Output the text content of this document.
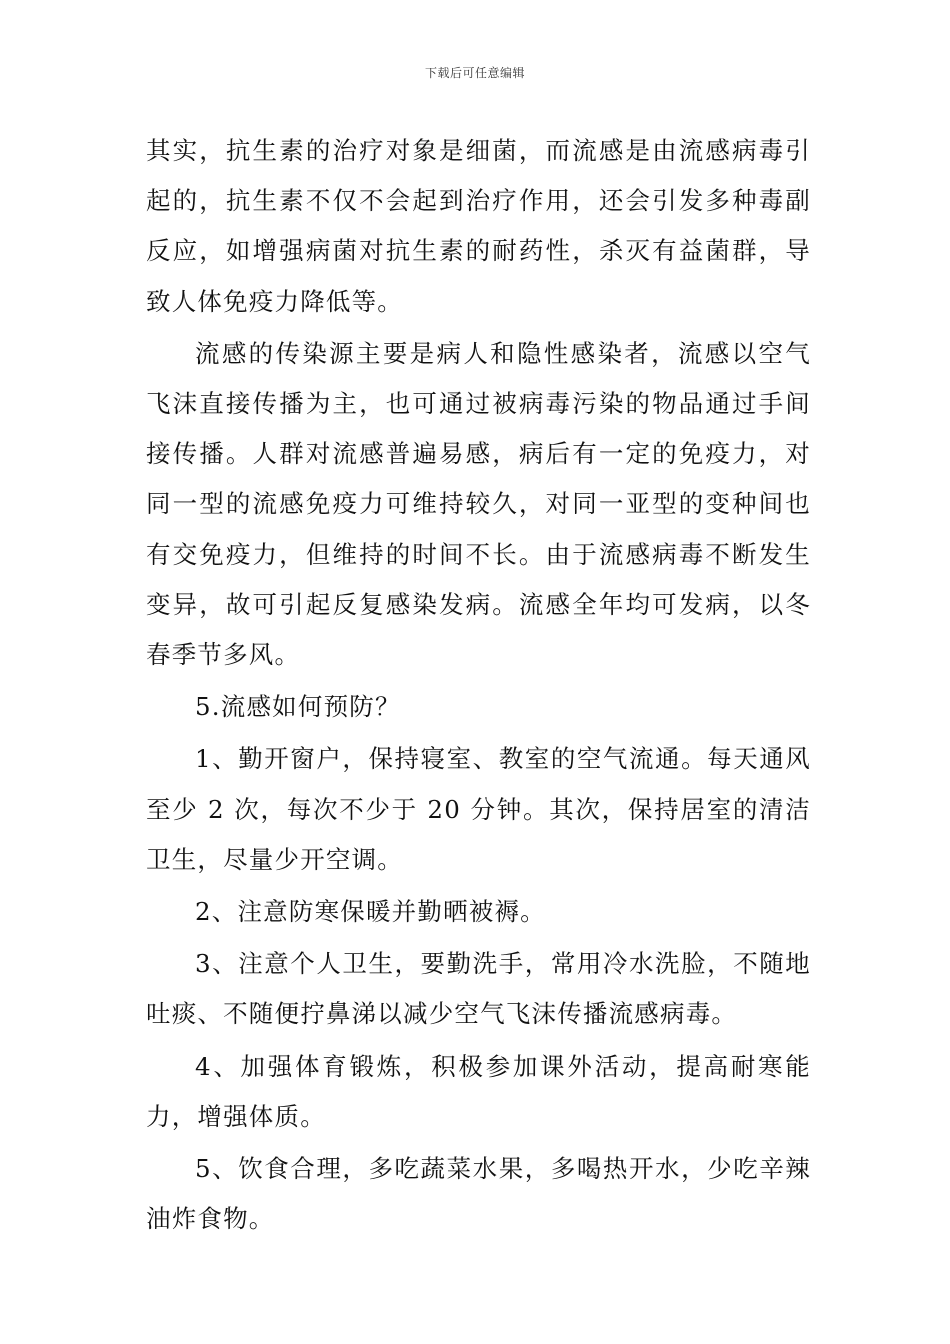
下载后可任意编辑

其实，抗生素的治疗对象是细菌，而流感是由流感病毒引起的，抗生素不仅不会起到治疗作用，还会引发多种毒副反应，如增强病菌对抗生素的耐药性，杀灭有益菌群，导致人体免疫力降低等。

流感的传染源主要是病人和隐性感染者，流感以空气飞沫直接传播为主，也可通过被病毒污染的物品通过手间接传播。人群对流感普遍易感，病后有一定的免疫力，对同一型的流感免疫力可维持较久，对同一亚型的变种间也有交免疫力，但维持的时间不长。由于流感病毒不断发生变异，故可引起反复感染发病。流感全年均可发病，以冬春季节多风。

5.流感如何预防？

1、勤开窗户，保持寝室、教室的空气流通。每天通风至少 2 次，每次不少于 20 分钟。其次，保持居室的清洁卫生，尽量少开空调。

2、注意防寒保暖并勤晒被褥。

3、注意个人卫生，要勤洗手，常用冷水洗脸，不随地吐痰、不随便拧鼻涕以减少空气飞沫传播流感病毒。

4、加强体育锻炼，积极参加课外活动，提高耐寒能力，增强体质。

5、饮食合理，多吃蔬菜水果，多喝热开水，少吃辛辣油炸食物。
